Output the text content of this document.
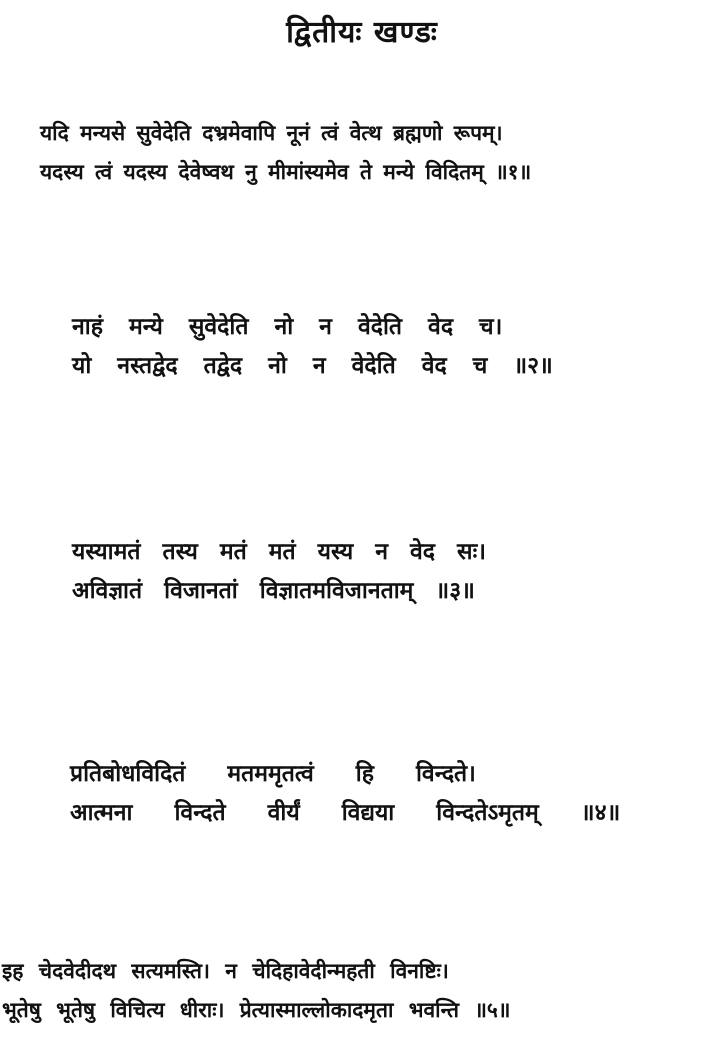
द्वितीयः खण्डः
यदि मन्यसे सुवेदेति दभ्रमेवापि नूनं त्वं वेत्थ ब्रह्मणो रूपम्।
यदस्य त्वं यदस्य देवेष्वथ नु मीमांस्यमेव ते मन्ये विदितम् ॥१॥
नाहं मन्ये सुवेदेति नो न वेदेति वेद च।
यो नस्तद्वेद तद्वेद नो न वेदेति वेद च ॥२॥
यस्यामतं तस्य मतं मतं यस्य न वेद सः।
अविज्ञातं विजानतां विज्ञातमविजानताम् ॥३॥
प्रतिबोधविदितं मतममृतत्वं हि विन्दते।
आत्मना विन्दते वीर्यं विद्यया विन्दतेऽमृतम् ॥४॥
इह चेदवेदीदथ सत्यमस्ति। न चेदिहावेदीन्महती विनष्टिः।
भूतेषु भूतेषु विचित्य धीराः। प्रेत्यास्माल्लोकादमृता भवन्ति ॥५॥
